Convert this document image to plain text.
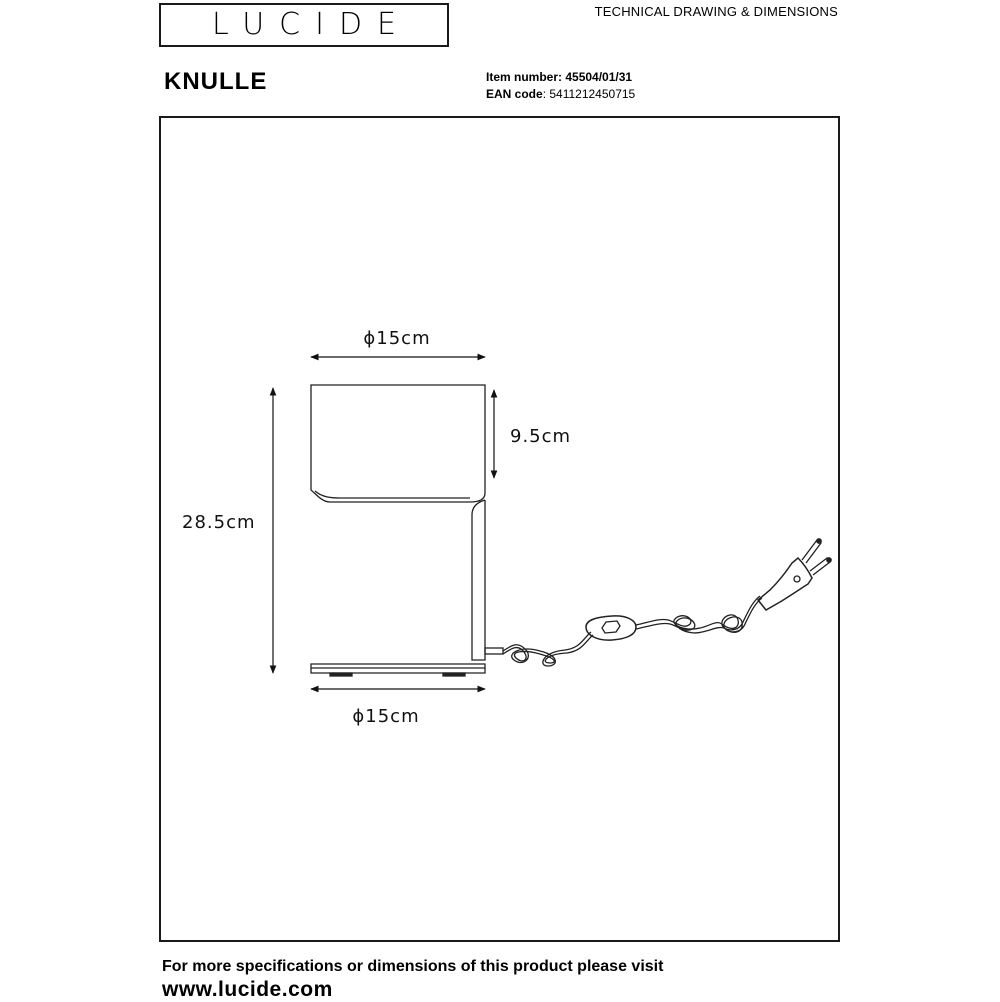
LUCIDE	TECHNICAL DRAWING & DIMENSIONS
KNULLE	Item number: 45504/01/31
EAN code: 5411212450715
ϕ15cm
9.5cm
28.5cm
ϕ15cm
For more specifications or dimensions of this product please visit
www.lucide.com
